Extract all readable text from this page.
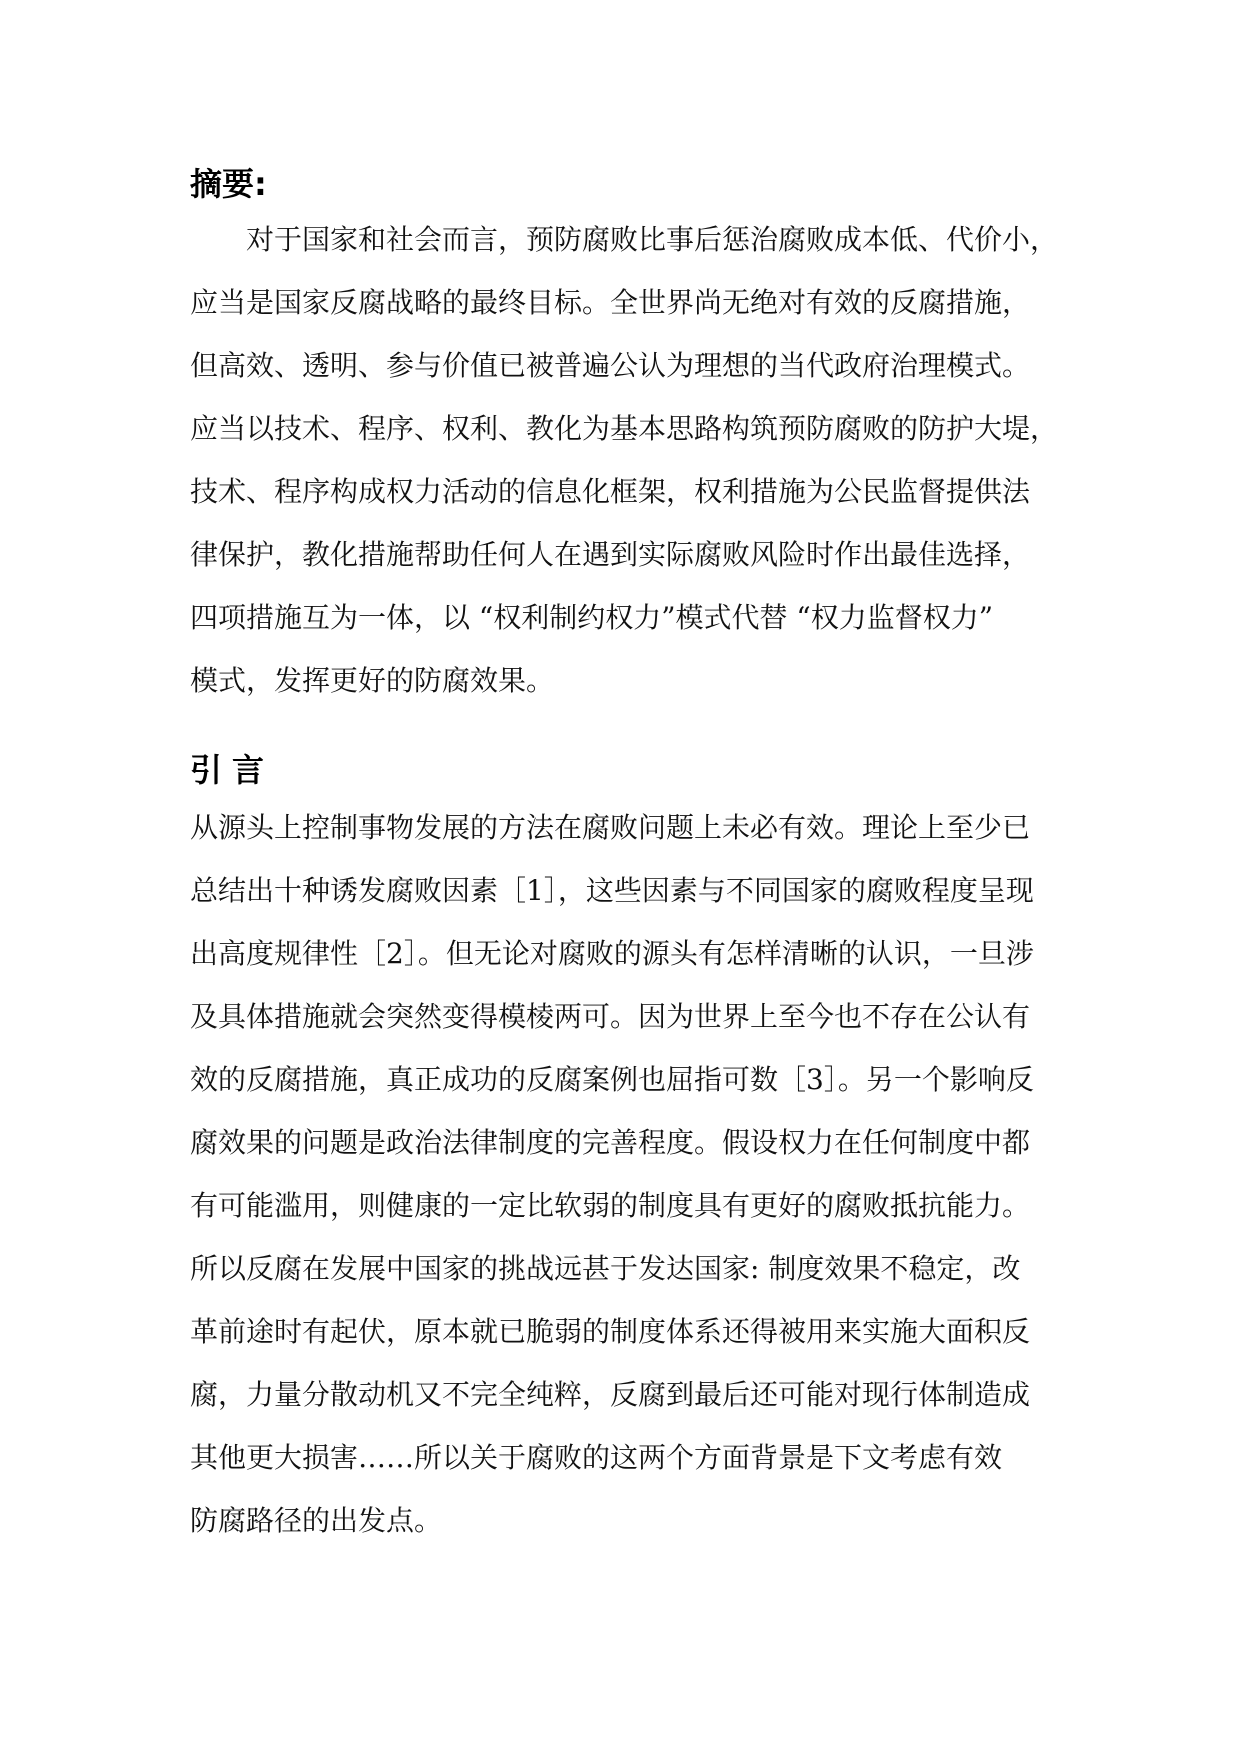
摘要:
对于国家和社会而言，预防腐败比事后惩治腐败成本低、代价小，
应当是国家反腐战略的最终目标。全世界尚无绝对有效的反腐措施，
但高效、透明、参与价值已被普遍公认为理想的当代政府治理模式。
应当以技术、程序、权利、教化为基本思路构筑预防腐败的防护大堤，
技术、程序构成权力活动的信息化框架，权利措施为公民监督提供法
律保护，教化措施帮助任何人在遇到实际腐败风险时作出最佳选择，
四项措施互为一体，以 “权利制约权力”模式代替 “权力监督权力”
模式，发挥更好的防腐效果。
引言
从源头上控制事物发展的方法在腐败问题上未必有效。理论上至少已
总结出十种诱发腐败因素［1］，这些因素与不同国家的腐败程度呈现
出高度规律性［2］。但无论对腐败的源头有怎样清晰的认识，一旦涉
及具体措施就会突然变得模棱两可。因为世界上至今也不存在公认有
效的反腐措施，真正成功的反腐案例也屈指可数［3］。另一个影响反
腐效果的问题是政治法律制度的完善程度。假设权力在任何制度中都
有可能滥用，则健康的一定比软弱的制度具有更好的腐败抵抗能力。
所以反腐在发展中国家的挑战远甚于发达国家: 制度效果不稳定，改
革前途时有起伏，原本就已脆弱的制度体系还得被用来实施大面积反
腐，力量分散动机又不完全纯粹，反腐到最后还可能对现行体制造成
其他更大损害……所以关于腐败的这两个方面背景是下文考虑有效
防腐路径的出发点。
